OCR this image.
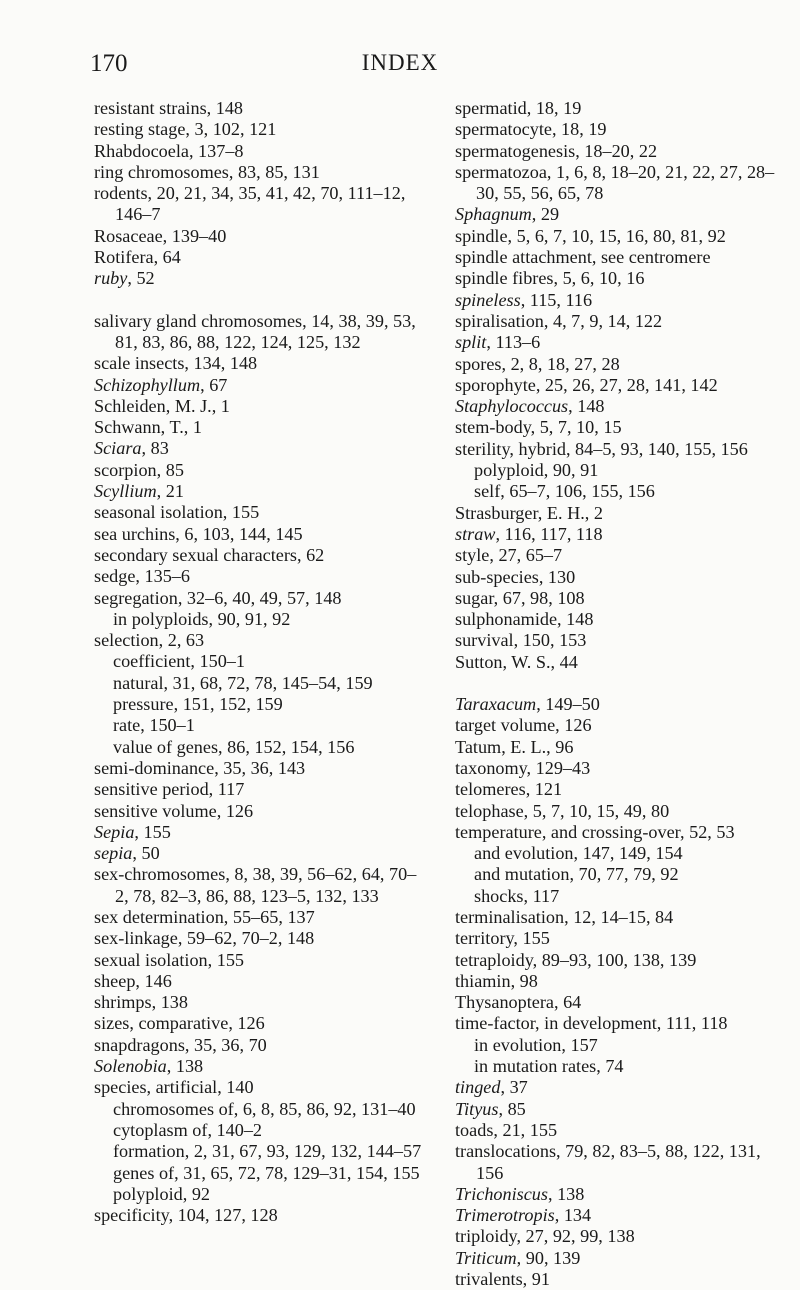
170	INDEX

resistant strains, 148

resting stage, 3, 102, 121

Rhabdocoela, 137–8

ring chromosomes, 83, 85, 131

rodents, 20, 21, 34, 35, 41, 42, 70, 111–12, 146–7

Rosaceae, 139–40

Rotifera, 64

ruby, 52

salivary gland chromosomes, 14, 38, 39, 53, 81, 83, 86, 88, 122, 124, 125, 132

scale insects, 134, 148

Schizophyllum, 67

Schleiden, M. J., 1

Schwann, T., 1

Sciara, 83

scorpion, 85

Scyllium, 21

seasonal isolation, 155

sea urchins, 6, 103, 144, 145

secondary sexual characters, 62

sedge, 135–6

segregation, 32–6, 40, 49, 57, 148

in polyploids, 90, 91, 92

selection, 2, 63

coefficient, 150–1

natural, 31, 68, 72, 78, 145–54, 159

pressure, 151, 152, 159

rate, 150–1

value of genes, 86, 152, 154, 156

semi-dominance, 35, 36, 143

sensitive period, 117

sensitive volume, 126

Sepia, 155

sepia, 50

sex-chromosomes, 8, 38, 39, 56–62, 64, 70–2, 78, 82–3, 86, 88, 123–5, 132, 133

sex determination, 55–65, 137

sex-linkage, 59–62, 70–2, 148

sexual isolation, 155

sheep, 146

shrimps, 138

sizes, comparative, 126

snapdragons, 35, 36, 70

Solenobia, 138

species, artificial, 140

chromosomes of, 6, 8, 85, 86, 92, 131–40

cytoplasm of, 140–2

formation, 2, 31, 67, 93, 129, 132, 144–57

genes of, 31, 65, 72, 78, 129–31, 154, 155

polyploid, 92

specificity, 104, 127, 128

spermatid, 18, 19

spermatocyte, 18, 19

spermatogenesis, 18–20, 22

spermatozoa, 1, 6, 8, 18–20, 21, 22, 27, 28–30, 55, 56, 65, 78

Sphagnum, 29

spindle, 5, 6, 7, 10, 15, 16, 80, 81, 92

spindle attachment, see centromere

spindle fibres, 5, 6, 10, 16

spineless, 115, 116

spiralisation, 4, 7, 9, 14, 122

split, 113–6

spores, 2, 8, 18, 27, 28

sporophyte, 25, 26, 27, 28, 141, 142

Staphylococcus, 148

stem-body, 5, 7, 10, 15

sterility, hybrid, 84–5, 93, 140, 155, 156

polyploid, 90, 91

self, 65–7, 106, 155, 156

Strasburger, E. H., 2

straw, 116, 117, 118

style, 27, 65–7

sub-species, 130

sugar, 67, 98, 108

sulphonamide, 148

survival, 150, 153

Sutton, W. S., 44

Taraxacum, 149–50

target volume, 126

Tatum, E. L., 96

taxonomy, 129–43

telomeres, 121

telophase, 5, 7, 10, 15, 49, 80

temperature, and crossing-over, 52, 53

and evolution, 147, 149, 154

and mutation, 70, 77, 79, 92

shocks, 117

terminalisation, 12, 14–15, 84

territory, 155

tetraploidy, 89–93, 100, 138, 139

thiamin, 98

Thysanoptera, 64

time-factor, in development, 111, 118

in evolution, 157

in mutation rates, 74

tinged, 37

Tityus, 85

toads, 21, 155

translocations, 79, 82, 83–5, 88, 122, 131, 156

Trichoniscus, 138

Trimerotropis, 134

triploidy, 27, 92, 99, 138

Triticum, 90, 139

trivalents, 91
